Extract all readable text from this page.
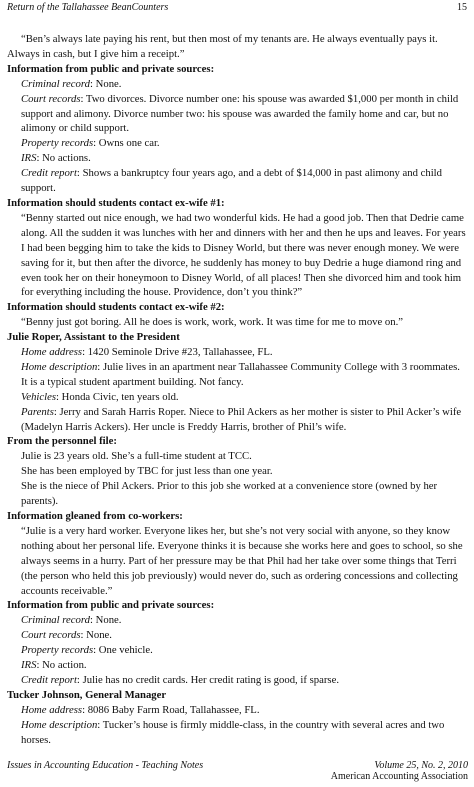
Return of the Tallahassee BeanCounters	15

“Ben’s always late paying his rent, but then most of my tenants are. He always eventually pays it. Always in cash, but I give him a receipt.”

Information from public and private sources:

Criminal record: None.

Court records: Two divorces. Divorce number one: his spouse was awarded $1,000 per month in child support and alimony. Divorce number two: his spouse was awarded the family home and car, but no alimony or child support.

Property records: Owns one car.

IRS: No actions.

Credit report: Shows a bankruptcy four years ago, and a debt of $14,000 in past alimony and child support.

Information should students contact ex-wife #1:

“Benny started out nice enough, we had two wonderful kids. He had a good job. Then that Dedrie came along. All the sudden it was lunches with her and dinners with her and then he ups and leaves. For years I had been begging him to take the kids to Disney World, but there was never enough money. We were saving for it, but then after the divorce, he suddenly has money to buy Dedrie a huge diamond ring and even took her on their honeymoon to Disney World, of all places! Then she divorced him and took him for everything including the house. Providence, don’t you think?”

Information should students contact ex-wife #2:

“Benny just got boring. All he does is work, work, work. It was time for me to move on.”

Julie Roper, Assistant to the President

Home address: 1420 Seminole Drive #23, Tallahassee, FL.

Home description: Julie lives in an apartment near Tallahassee Community College with 3 roommates. It is a typical student apartment building. Not fancy.

Vehicles: Honda Civic, ten years old.

Parents: Jerry and Sarah Harris Roper. Niece to Phil Ackers as her mother is sister to Phil Acker’s wife (Madelyn Harris Ackers). Her uncle is Freddy Harris, brother of Phil’s wife.

From the personnel file:

Julie is 23 years old. She’s a full-time student at TCC.

She has been employed by TBC for just less than one year.

She is the niece of Phil Ackers. Prior to this job she worked at a convenience store (owned by her parents).

Information gleaned from co-workers:

“Julie is a very hard worker. Everyone likes her, but she’s not very social with anyone, so they know nothing about her personal life. Everyone thinks it is because she works here and goes to school, so she always seems in a hurry. Part of her pressure may be that Phil had her take over some things that Terri (the person who held this job previously) would never do, such as ordering concessions and collecting accounts receivable.”

Information from public and private sources:

Criminal record: None.

Court records: None.

Property records: One vehicle.

IRS: No action.

Credit report: Julie has no credit cards. Her credit rating is good, if sparse.

Tucker Johnson, General Manager

Home address: 8086 Baby Farm Road, Tallahassee, FL.

Home description: Tucker’s house is firmly middle-class, in the country with several acres and two horses.

Issues in Accounting Education - Teaching Notes	Volume 25, No. 2, 2010
American Accounting Association
